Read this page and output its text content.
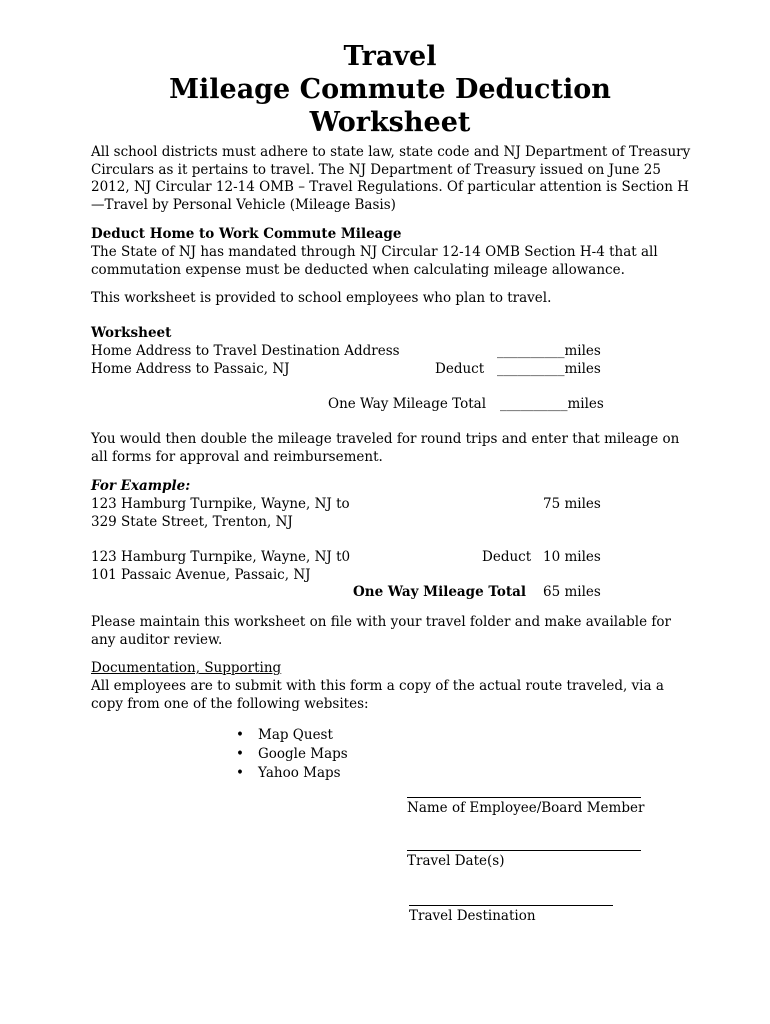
Travel
Mileage Commute Deduction
Worksheet
All school districts must adhere to state law, state code and NJ Department of Treasury Circulars as it pertains to travel. The NJ Department of Treasury issued on June 25 2012, NJ Circular 12-14 OMB – Travel Regulations. Of particular attention is Section H—Travel by Personal Vehicle (Mileage Basis)
Deduct Home to Work Commute Mileage
The State of NJ has mandated through NJ Circular 12-14 OMB Section H-4 that all commutation expense must be deducted when calculating mileage allowance.
This worksheet is provided to school employees who plan to travel.
Worksheet
Home Address to Travel Destination Address	__________miles
Home Address to Passaic, NJ	Deduct __________miles
One Way Mileage Total __________miles
You would then double the mileage traveled for round trips and enter that mileage on all forms for approval and reimbursement.
For Example:
123 Hamburg Turnpike, Wayne, NJ to	75 miles
329 State Street, Trenton, NJ
123 Hamburg Turnpike, Wayne, NJ t0	Deduct 10 miles
101 Passaic Avenue, Passaic, NJ
One Way Mileage Total 65 miles
Please maintain this worksheet on file with your travel folder and make available for any auditor review.
Documentation, Supporting
All employees are to submit with this form a copy of the actual route traveled, via a copy from one of the following websites:
• Map Quest
• Google Maps
• Yahoo Maps
Name of Employee/Board Member
Travel Date(s)
Travel Destination
